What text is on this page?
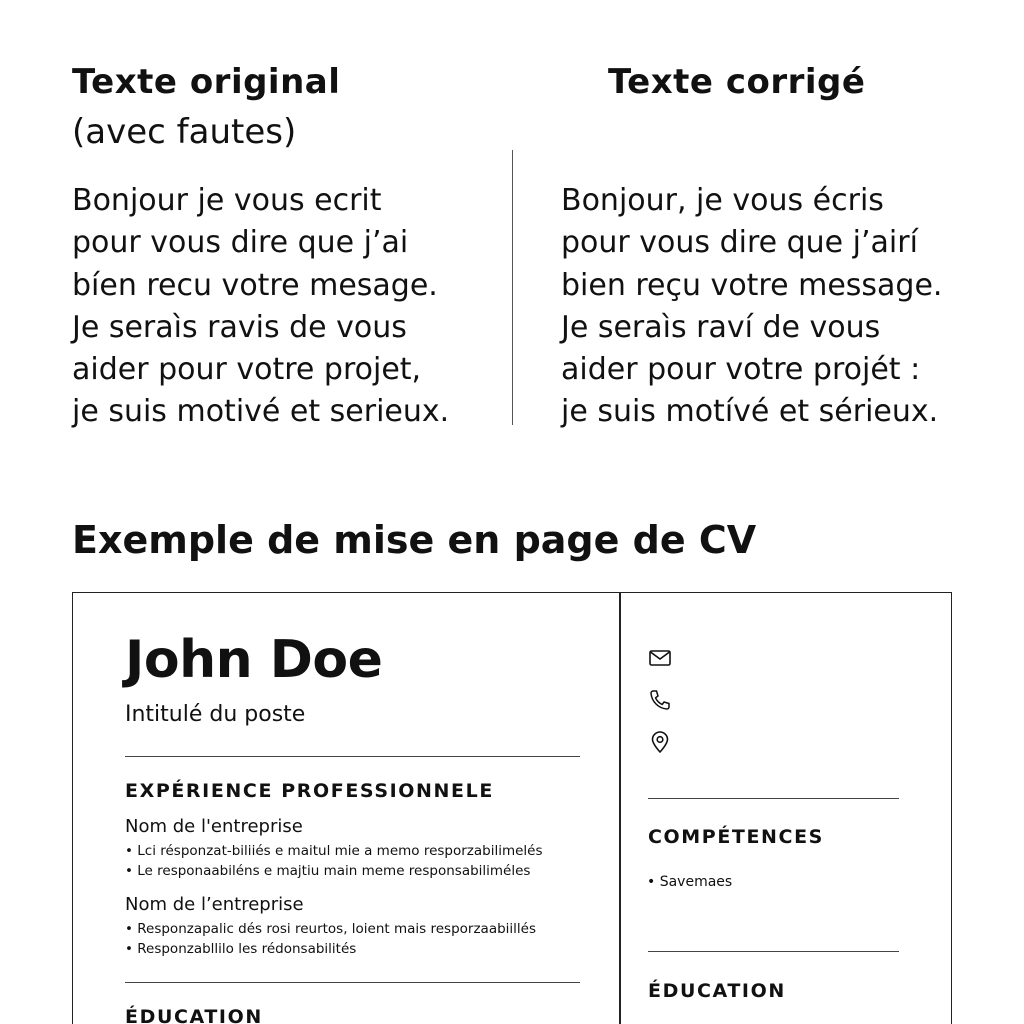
Texte original
(avec fautes)
Bonjour je vous ecrit
pour vous dire que j’ai
bíen recu votre mesage.
Je seraìs ravis de vous
aider pour votre projet,
je suis motivé et serieux.
Texte corrigé
Bonjour, je vous écris
pour vous dire que j’airí
bien reçu votre message.
Je seraìs raví de vous
aider pour votre projét :
je suis motívé et sérieux.
Exemple de mise en page de CV
John Doe
Intitulé du poste
EXPÉRIENCE PROFESSIONNELE
Nom de l'entreprise
• Lci résponzat-biliiés e maitul mie a memo resporzabilimelés
• Le responaabiléns e majtiu main meme responsabiliméles
Nom de l’entreprise
• Responzapalic dés rosi reurtos, loient mais resporzaabiillés
• Responzabllilo les rédonsabilités
ÉDUCATION
COMPÉTENCES
• Savemaes
ÉDUCATION
